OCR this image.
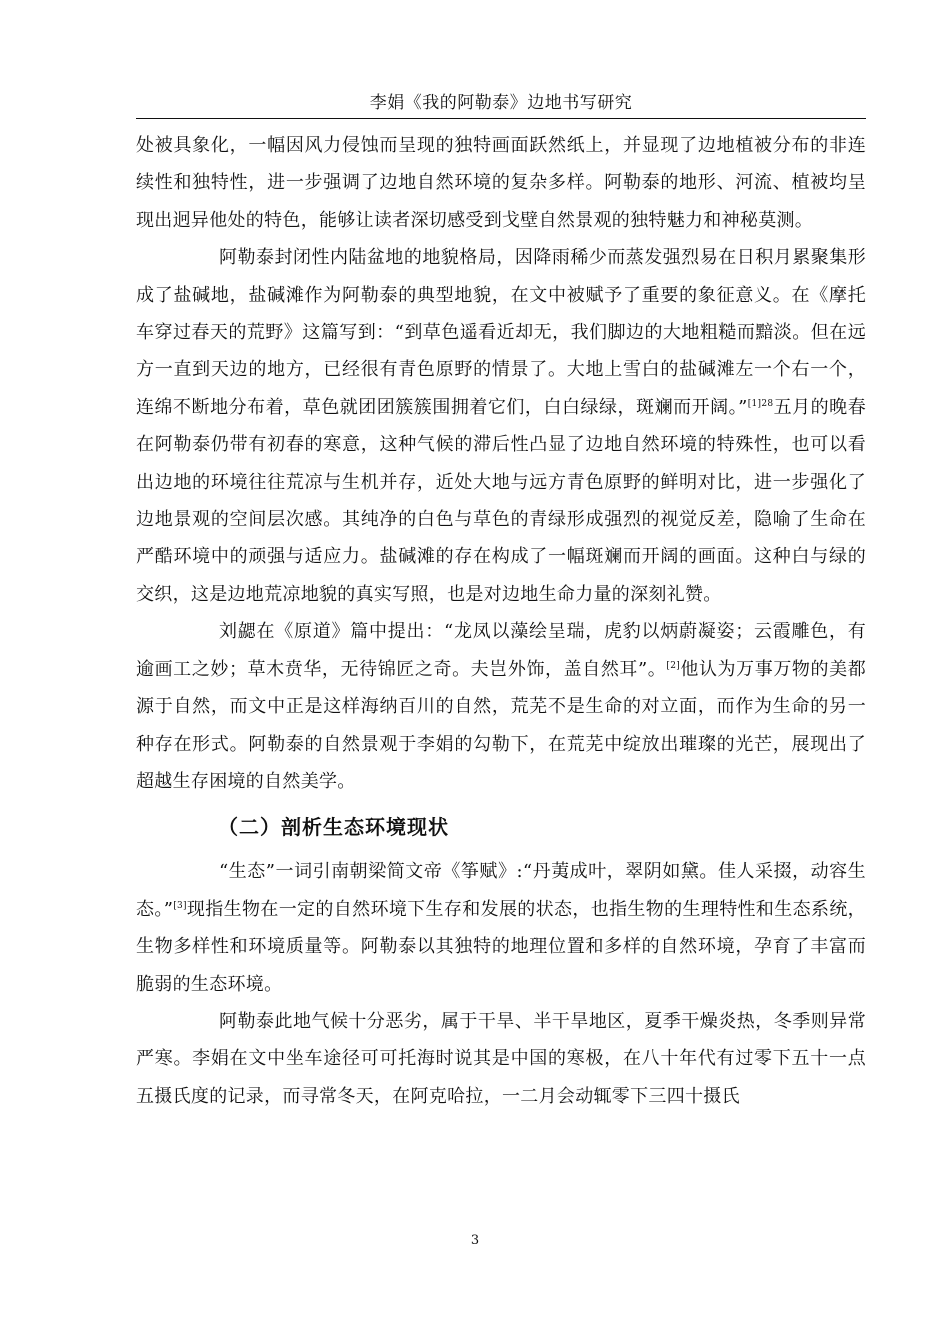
李娟《我的阿勒泰》边地书写研究

处被具象化，一幅因风力侵蚀而呈现的独特画面跃然纸上，并显现了边地植被分布的非连续性和独特性，进一步强调了边地自然环境的复杂多样。阿勒泰的地形、河流、植被均呈现出迥异他处的特色，能够让读者深切感受到戈壁自然景观的独特魅力和神秘莫测。

阿勒泰封闭性内陆盆地的地貌格局，因降雨稀少而蒸发强烈易在日积月累聚集形成了盐碱地，盐碱滩作为阿勒泰的典型地貌，在文中被赋予了重要的象征意义。在《摩托车穿过春天的荒野》这篇写到：“到草色遥看近却无，我们脚边的大地粗糙而黯淡。但在远方一直到天边的地方，已经很有青色原野的情景了。大地上雪白的盐碱滩左一个右一个，连绵不断地分布着，草色就团团簇簇围拥着它们，白白绿绿，斑斓而开阔。”$^{[1]28}$五月的晚春在阿勒泰仍带有初春的寒意，这种气候的滞后性凸显了边地自然环境的特殊性，也可以看出边地的环境往往荒凉与生机并存，近处大地与远方青色原野的鲜明对比，进一步强化了边地景观的空间层次感。其纯净的白色与草色的青绿形成强烈的视觉反差，隐喻了生命在严酷环境中的顽强与适应力。盐碱滩的存在构成了一幅斑斓而开阔的画面。这种白与绿的交织，这是边地荒凉地貌的真实写照，也是对边地生命力量的深刻礼赞。

刘勰在《原道》篇中提出：“龙凤以藻绘呈瑞，虎豹以炳蔚凝姿；云霞雕色，有逾画工之妙；草木贲华，无待锦匠之奇。夫岂外饰，盖自然耳”。[2]他认为万事万物的美都源于自然，而文中正是这样海纳百川的自然，荒芜不是生命的对立面，而作为生命的另一种存在形式。阿勒泰的自然景观于李娟的勾勒下，在荒芜中绽放出璀璨的光芒，展现出了超越生存困境的自然美学。

（二）剖析生态环境现状

“生态”一词引南朝梁简文帝《筝赋》:“丹荑成叶，翠阴如黛。佳人采掇，动容生态。”[3]现指生物在一定的自然环境下生存和发展的状态，也指生物的生理特性和生态系统，生物多样性和环境质量等。阿勒泰以其独特的地理位置和多样的自然环境，孕育了丰富而脆弱的生态环境。

阿勒泰此地气候十分恶劣，属于干旱、半干旱地区，夏季干燥炎热，冬季则异常严寒。李娟在文中坐车途径可可托海时说其是中国的寒极，在八十年代有过零下五十一点五摄氏度的记录，而寻常冬天，在阿克哈拉，一二月会动辄零下三四十摄氏

3
